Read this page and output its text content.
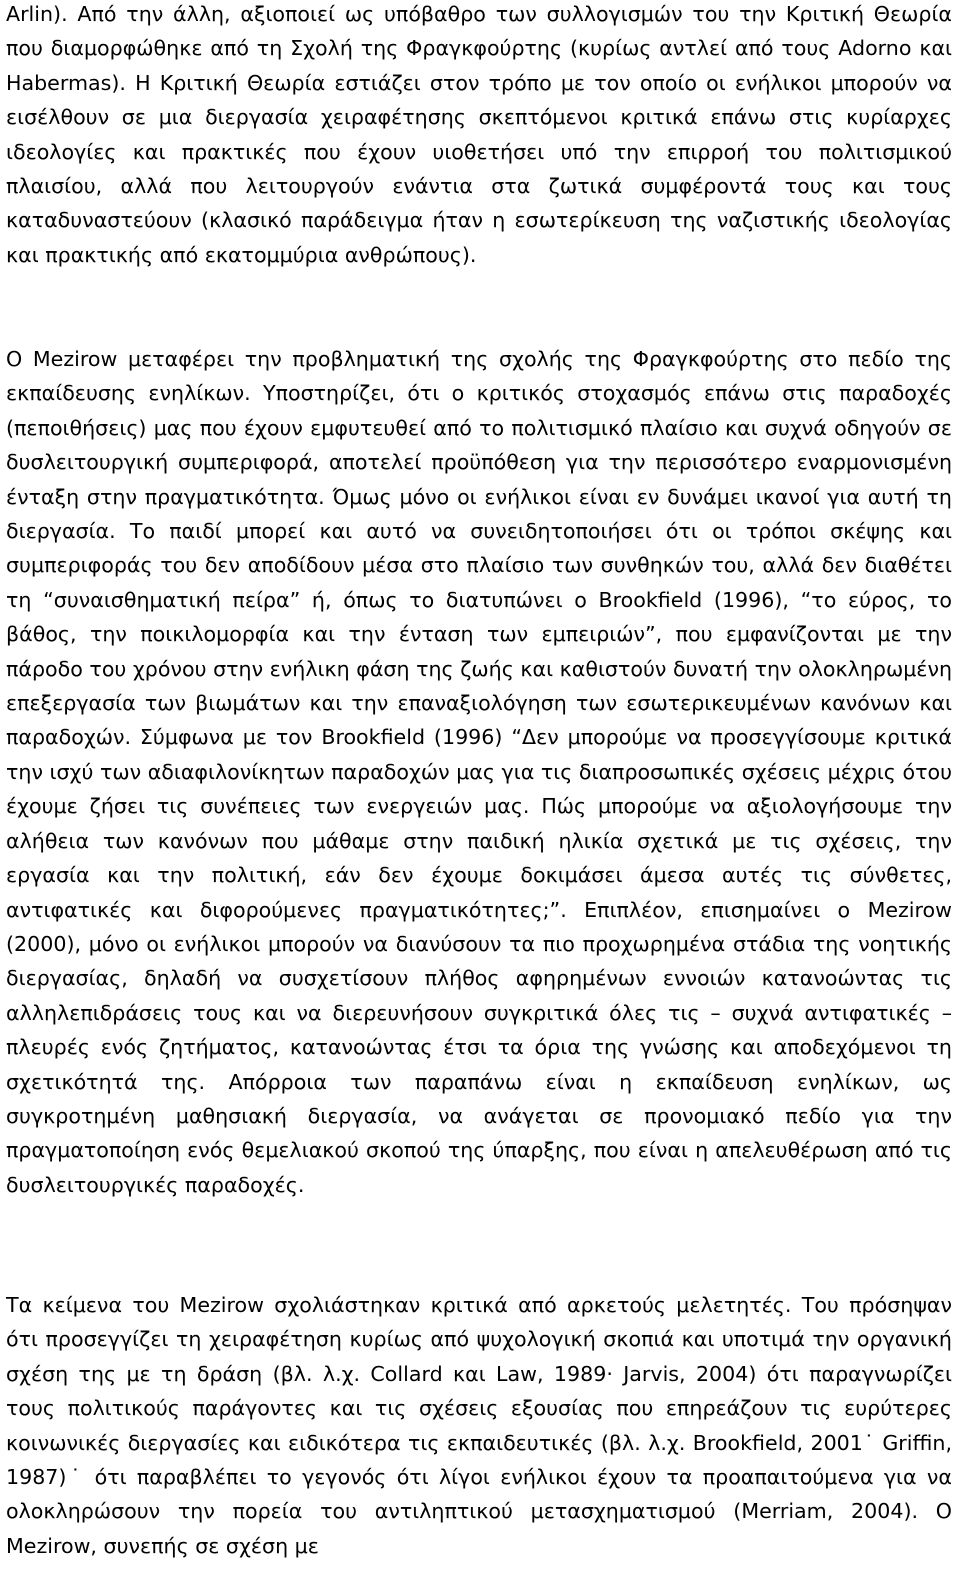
Arlin). Από την άλλη, αξιοποιεί ως υπόβαθρο των συλλογισμών του την Κριτική Θεωρία που διαμορφώθηκε από τη Σχολή της Φραγκφούρτης (κυρίως αντλεί από τους Adorno και Habermas). Η Κριτική Θεωρία εστιάζει στον τρόπο με τον οποίο οι ενήλικοι μπορούν να εισέλθουν σε μια διεργασία χειραφέτησης σκεπτόμενοι κριτικά επάνω στις κυρίαρχες ιδεολογίες και πρακτικές που έχουν υιοθετήσει υπό την επιρροή του πολιτισμικού πλαισίου, αλλά που λειτουργούν ενάντια στα ζωτικά συμφέροντά τους και τους καταδυναστεύουν (κλασικό παράδειγμα ήταν η εσωτερίκευση της ναζιστικής ιδεολογίας και πρακτικής από εκατομμύρια ανθρώπους).

Ο Mezirow μεταφέρει την προβληματική της σχολής της Φραγκφούρτης στο πεδίο της εκπαίδευσης ενηλίκων. Υποστηρίζει, ότι ο κριτικός στοχασμός επάνω στις παραδοχές (πεποιθήσεις) μας που έχουν εμφυτευθεί από το πολιτισμικό πλαίσιο και συχνά οδηγούν σε δυσλειτουργική συμπεριφορά, αποτελεί προϋπόθεση για την περισσότερο εναρμονισμένη ένταξη στην πραγματικότητα. Όμως μόνο οι ενήλικοι είναι εν δυνάμει ικανοί για αυτή τη διεργασία. Το παιδί μπορεί και αυτό να συνειδητοποιήσει ότι οι τρόποι σκέψης και συμπεριφοράς του δεν αποδίδουν μέσα στο πλαίσιο των συνθηκών του, αλλά δεν διαθέτει τη “συναισθηματική πείρα” ή, όπως το διατυπώνει ο Brookfield (1996), “το εύρος, το βάθος, την ποικιλομορφία και την ένταση των εμπειριών”, που εμφανίζονται με την πάροδο του χρόνου στην ενήλικη φάση της ζωής και καθιστούν δυνατή την ολοκληρωμένη επεξεργασία των βιωμάτων και την επαναξιολόγηση των εσωτερικευμένων κανόνων και παραδοχών. Σύμφωνα με τον Brookfield (1996) “Δεν μπορούμε να προσεγγίσουμε κριτικά την ισχύ των αδιαφιλονίκητων παραδοχών μας για τις διαπροσωπικές σχέσεις μέχρις ότου έχουμε ζήσει τις συνέπειες των ενεργειών μας. Πώς μπορούμε να αξιολογήσουμε την αλήθεια των κανόνων που μάθαμε στην παιδική ηλικία σχετικά με τις σχέσεις, την εργασία και την πολιτική, εάν δεν έχουμε δοκιμάσει άμεσα αυτές τις σύνθετες, αντιφατικές και διφορούμενες πραγματικότητες;”. Επιπλέον, επισημαίνει ο Mezirow (2000), μόνο οι ενήλικοι μπορούν να διανύσουν τα πιο προχωρημένα στάδια της νοητικής διεργασίας, δηλαδή να συσχετίσουν πλήθος αφηρημένων εννοιών κατανοώντας τις αλληλεπιδράσεις τους και να διερευνήσουν συγκριτικά όλες τις – συχνά αντιφατικές – πλευρές ενός ζητήματος, κατανοώντας έτσι τα όρια της γνώσης και αποδεχόμενοι τη σχετικότητά της. Απόρροια των παραπάνω είναι η εκπαίδευση ενηλίκων, ως συγκροτημένη μαθησιακή διεργασία, να ανάγεται σε προνομιακό πεδίο για την πραγματοποίηση ενός θεμελιακού σκοπού της ύπαρξης, που είναι η απελευθέρωση από τις δυσλειτουργικές παραδοχές.

Τα κείμενα του Mezirow σχολιάστηκαν κριτικά από αρκετούς μελετητές. Του πρόσηψαν ότι προσεγγίζει τη χειραφέτηση κυρίως από ψυχολογική σκοπιά και υποτιμά την οργανική σχέση της με τη δράση (βλ. λ.χ. Collard και Law, 1989· Jarvis, 2004) ότι παραγνωρίζει τους πολιτικούς παράγοντες και τις σχέσεις εξουσίας που επηρεάζουν τις ευρύτερες κοινωνικές διεργασίες και ειδικότερα τις εκπαιδευτικές (βλ. λ.χ. Brookfield, 2001˙ Griffin, 1987)˙ ότι παραβλέπει το γεγονός ότι λίγοι ενήλικοι έχουν τα προαπαιτούμενα για να ολοκληρώσουν την πορεία του αντιληπτικού μετασχηματισμού (Merriam, 2004). Ο Mezirow, συνεπής σε σχέση με
